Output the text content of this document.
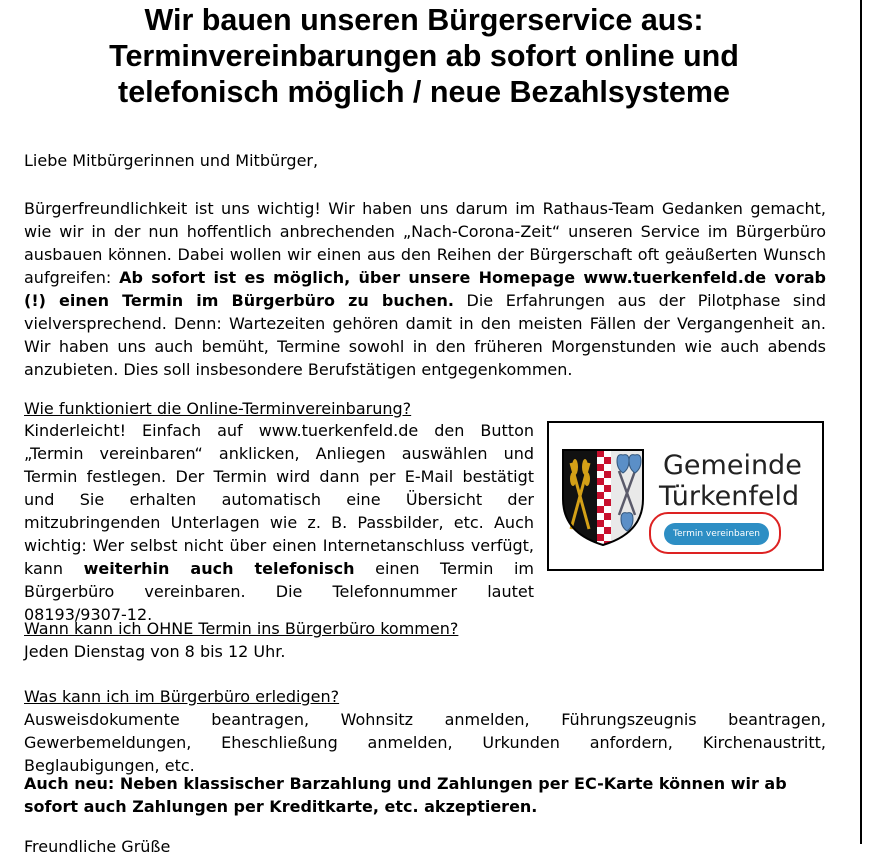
Wir bauen unseren Bürgerservice aus:
Terminvereinbarungen ab sofort online und
telefonisch möglich / neue Bezahlsysteme

Liebe Mitbürgerinnen und Mitbürger,

Bürgerfreundlichkeit ist uns wichtig! Wir haben uns darum im Rathaus-Team Gedanken gemacht, wie wir in der nun hoffentlich anbrechenden „Nach-Corona-Zeit“ unseren Service im Bürgerbüro ausbauen können. Dabei wollen wir einen aus den Reihen der Bürgerschaft oft geäußerten Wunsch aufgreifen: Ab sofort ist es möglich, über unsere Homepage www.tuerkenfeld.de vorab (!) einen Termin im Bürgerbüro zu buchen. Die Erfahrungen aus der Pilotphase sind vielversprechend. Denn: Wartezeiten gehören damit in den meisten Fällen der Vergangenheit an. Wir haben uns auch bemüht, Termine sowohl in den früheren Morgenstunden wie auch abends anzubieten. Dies soll insbesondere Berufstätigen entgegenkommen.

Wie funktioniert die Online-Terminvereinbarung?

Kinderleicht! Einfach auf www.tuerkenfeld.de den Button „Termin vereinbaren“ anklicken, Anliegen auswählen und Termin festlegen. Der Termin wird dann per E-Mail bestätigt und Sie erhalten automatisch eine Übersicht der mitzubringenden Unterlagen wie z. B. Passbilder, etc. Auch wichtig: Wer selbst nicht über einen Internetanschluss verfügt, kann weiterhin auch telefonisch einen Termin im Bürgerbüro vereinbaren. Die Telefonnummer lautet 08193/9307-12.

Gemeinde
Türkenfeld
Termin vereinbaren

Wann kann ich OHNE Termin ins Bürgerbüro kommen?

Jeden Dienstag von 8 bis 12 Uhr.

Was kann ich im Bürgerbüro erledigen?

Ausweisdokumente beantragen, Wohnsitz anmelden, Führungszeugnis beantragen, Gewerbemeldungen, Eheschließung anmelden, Urkunden anfordern, Kirchenaustritt, Beglaubigungen, etc.

Auch neu: Neben klassischer Barzahlung und Zahlungen per EC-Karte können wir ab sofort auch Zahlungen per Kreditkarte, etc. akzeptieren.

Freundliche Grüße
